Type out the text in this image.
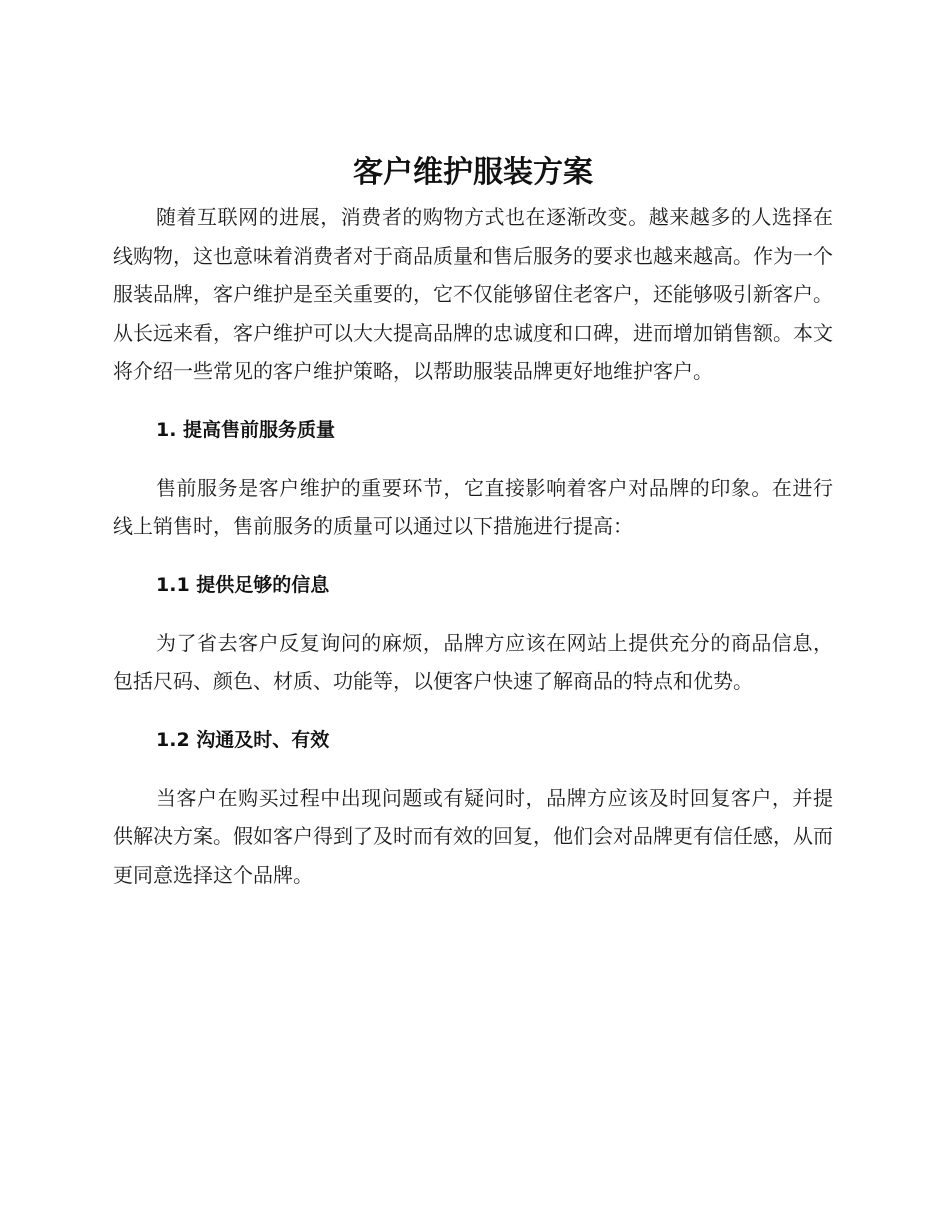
客户维护服装方案

随着互联网的进展，消费者的购物方式也在逐渐改变。越来越多的人选择在线购物，这也意味着消费者对于商品质量和售后服务的要求也越来越高。作为一个服装品牌，客户维护是至关重要的，它不仅能够留住老客户，还能够吸引新客户。从长远来看，客户维护可以大大提高品牌的忠诚度和口碑，进而增加销售额。本文将介绍一些常见的客户维护策略，以帮助服装品牌更好地维护客户。

1. 提高售前服务质量

售前服务是客户维护的重要环节，它直接影响着客户对品牌的印象。在进行线上销售时，售前服务的质量可以通过以下措施进行提高：

1.1 提供足够的信息

为了省去客户反复询问的麻烦，品牌方应该在网站上提供充分的商品信息，包括尺码、颜色、材质、功能等，以便客户快速了解商品的特点和优势。

1.2 沟通及时、有效

当客户在购买过程中出现问题或有疑问时，品牌方应该及时回复客户，并提供解决方案。假如客户得到了及时而有效的回复，他们会对品牌更有信任感，从而更同意选择这个品牌。
